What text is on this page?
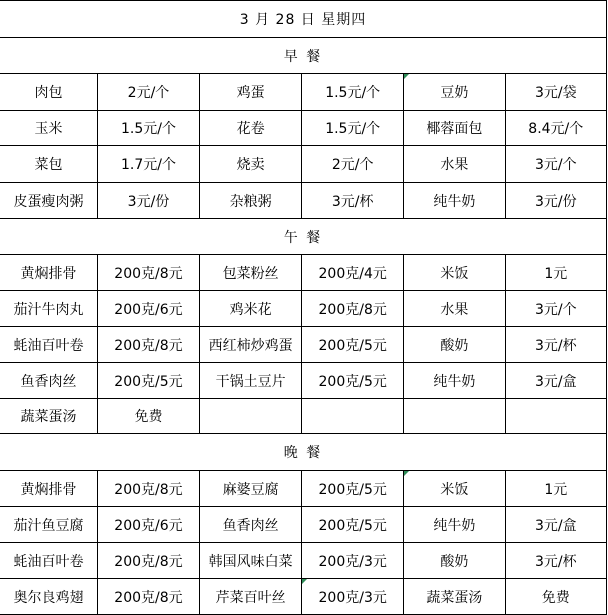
3 月 28 日 星期四					
早 餐					
肉包	2元/个	鸡蛋	1.5元/个	豆奶	3元/袋
玉米	1.5元/个	花卷	1.5元/个	椰蓉面包	8.4元/个
菜包	1.7元/个	烧卖	2元/个	水果	3元/个
皮蛋瘦肉粥	3元/份	杂粮粥	3元/杯	纯牛奶	3元/份
午 餐					
黄焖排骨	200克/8元	包菜粉丝	200克/4元	米饭	1元
茄汁牛肉丸	200克/6元	鸡米花	200克/8元	水果	3元/个
蚝油百叶卷	200克/8元	西红柿炒鸡蛋	200克/5元	酸奶	3元/杯
鱼香肉丝	200克/5元	干锅土豆片	200克/5元	纯牛奶	3元/盒
蔬菜蛋汤	免费				
晚 餐					
黄焖排骨	200克/8元	麻婆豆腐	200克/5元	米饭	1元
茄汁鱼豆腐	200克/6元	鱼香肉丝	200克/5元	纯牛奶	3元/盒
蚝油百叶卷	200克/8元	韩国风味白菜	200克/3元	酸奶	3元/杯
奥尔良鸡翅	200克/8元	芹菜百叶丝	200克/3元	蔬菜蛋汤	免费
